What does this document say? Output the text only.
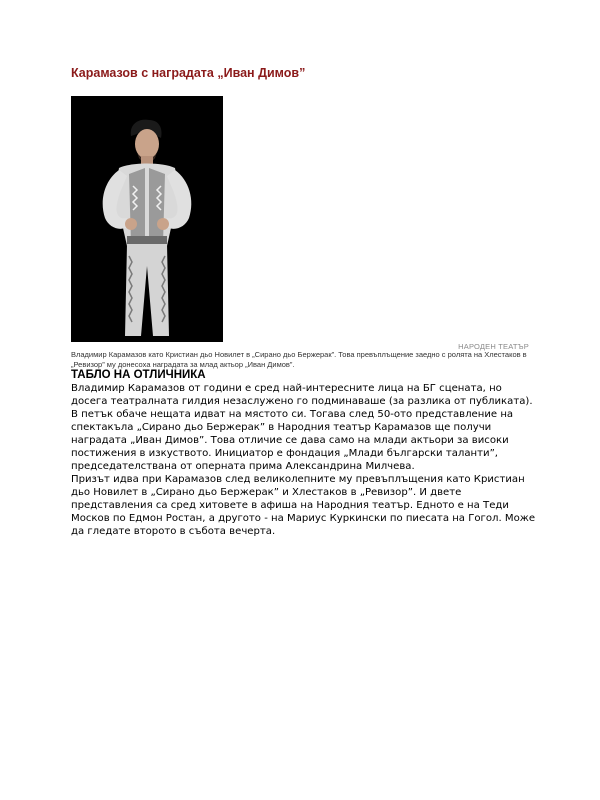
Карамазов с наградата „Иван Димов”
НАРОДЕН ТЕАТЪР
Владимир Карамазов като Кристиан дьо Новилет в „Сирано дьо Бержерак”. Това превъплъщение заедно с ролята на Хлестаков в „Ревизор” му донесоха наградата за млад актьор „Иван Димов”.
ТАБЛО НА ОТЛИЧНИКА

Владимир Карамазов от години е сред най-интересните лица на БГ сцената, но досега театралната гилдия незаслужено го подминаваше (за разлика от публиката). В петък обаче нещата идват на мястото си. Тогава след 50-ото представление на спектакъла „Сирано дьо Бержерак” в Народния театър Карамазов ще получи наградата „Иван Димов”. Това отличие се дава само на млади актьори за високи постижения в изкуството. Инициатор е фондация „Млади български таланти”, председателствана от оперната прима Александрина Милчева.

Призът идва при Карамазов след великолепните му превъплъщения като Кристиан дьо Новилет в „Сирано дьо Бержерак” и Хлестаков в „Ревизор”. И двете представления са сред хитовете в афиша на Народния театър. Едното е на Теди Москов по Едмон Ростан, а другото - на Мариус Куркински по пиесата на Гогол. Може да гледате второто в събота вечерта.
